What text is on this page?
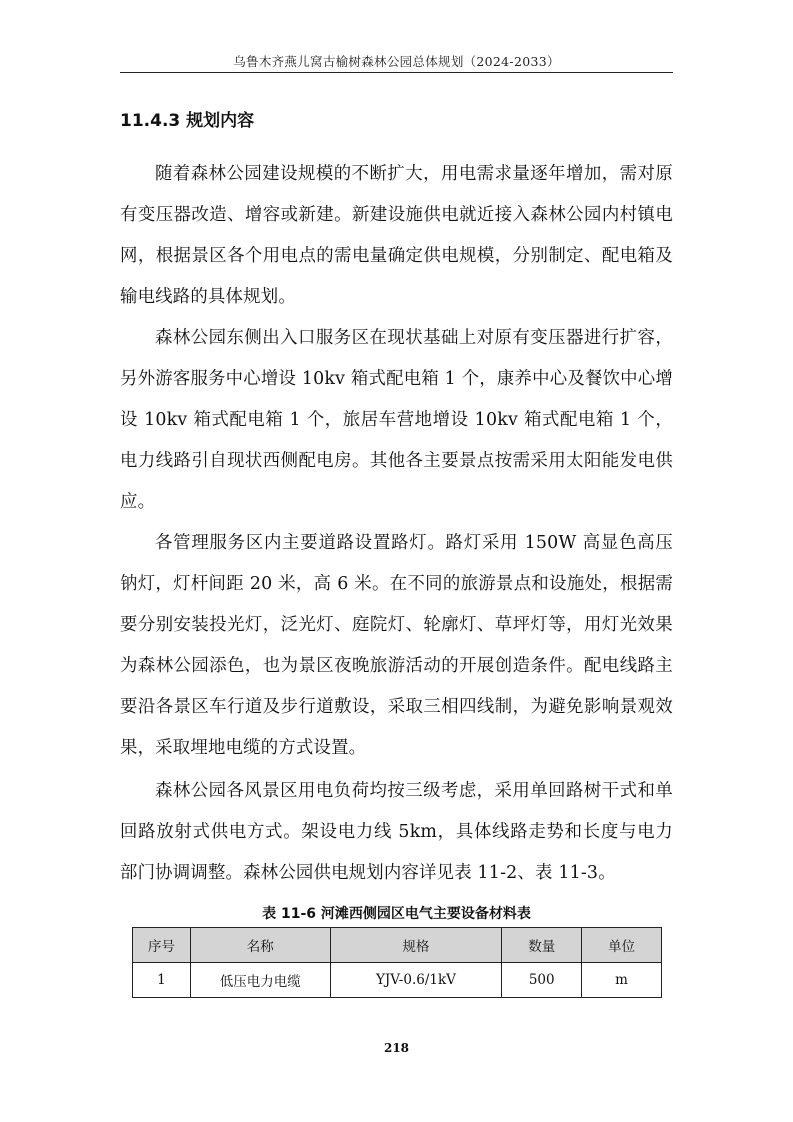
乌鲁木齐燕儿窝古榆树森林公园总体规划（2024-2033）
11.4.3 规划内容

随着森林公园建设规模的不断扩大，用电需求量逐年增加，需对原有变压器改造、增容或新建。新建设施供电就近接入森林公园内村镇电网，根据景区各个用电点的需电量确定供电规模，分别制定、配电箱及输电线路的具体规划。

森林公园东侧出入口服务区在现状基础上对原有变压器进行扩容，另外游客服务中心增设 10kv 箱式配电箱 1 个，康养中心及餐饮中心增设 10kv 箱式配电箱 1 个，旅居车营地增设 10kv 箱式配电箱 1 个，电力线路引自现状西侧配电房。其他各主要景点按需采用太阳能发电供应。

各管理服务区内主要道路设置路灯。路灯采用 150W 高显色高压钠灯，灯杆间距 20 米，高 6 米。在不同的旅游景点和设施处，根据需要分别安装投光灯，泛光灯、庭院灯、轮廓灯、草坪灯等，用灯光效果为森林公园添色，也为景区夜晚旅游活动的开展创造条件。配电线路主要沿各景区车行道及步行道敷设，采取三相四线制，为避免影响景观效果，采取埋地电缆的方式设置。

森林公园各风景区用电负荷均按三级考虑，采用单回路树干式和单回路放射式供电方式。架设电力线 5km，具体线路走势和长度与电力部门协调调整。森林公园供电规划内容详见表 11-2、表 11-3。

表 11-6 河滩西侧园区电气主要设备材料表
序号	名称	规格	数量	单位
1	低压电力电缆	YJV-0.6/1kV	500	m
218
